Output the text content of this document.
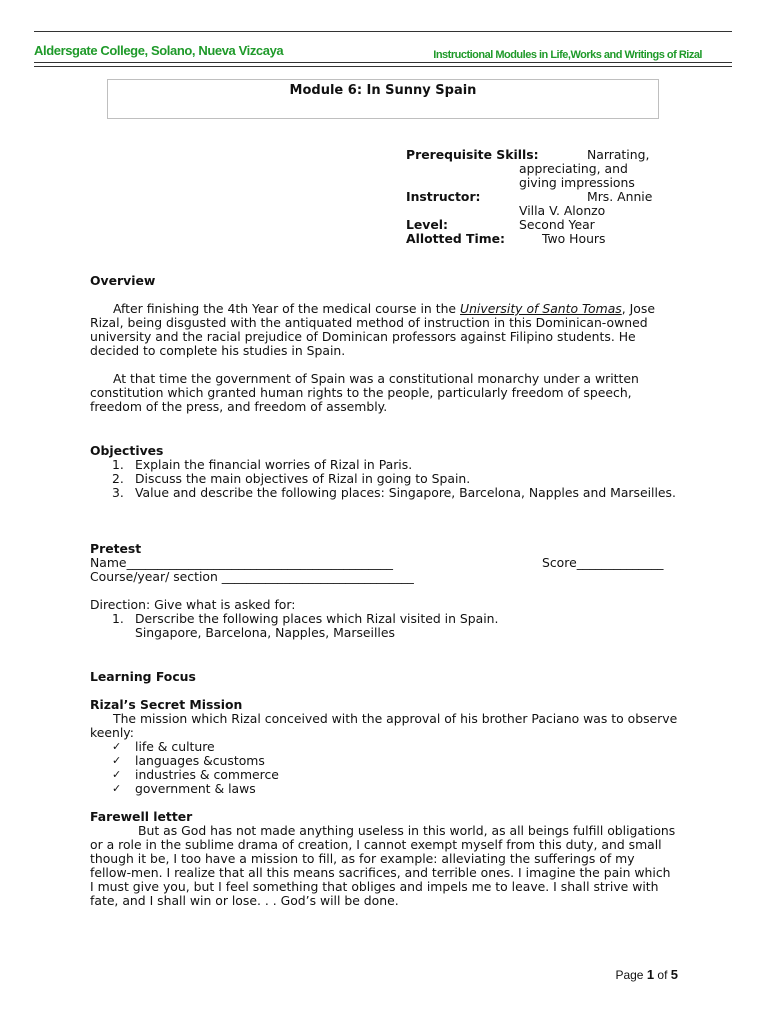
Aldersgate College, Solano, Nueva Vizcaya	Instructional Modules in Life,Works and Writings of Rizal
Module 6: In Sunny Spain
Prerequisite Skills:	Narrating,
appreciating, and
giving impressions
Instructor:	Mrs. Annie
Villa V. Alonzo
Level:	Second Year
Allotted Time:	Two Hours

Overview

After finishing the 4th Year of the medical course in the University of Santo Tomas, Jose Rizal, being disgusted with the antiquated method of instruction in this Dominican-owned university and the racial prejudice of Dominican professors against Filipino students. He decided to complete his studies in Spain.

At that time the government of Spain was a constitutional monarchy under a written constitution which granted human rights to the people, particularly freedom of speech, freedom of the press, and freedom of assembly.

Objectives

1. Explain the financial worries of Rizal in Paris.
2. Discuss the main objectives of Rizal in going to Spain.
3. Value and describe the following places: Singapore, Barcelona, Napples and Marseilles.

Pretest

Name___________________________________________	Score______________

Course/year/ section _______________________________

Direction: Give what is asked for:

1. Derscribe the following places which Rizal visited in Spain.
Singapore, Barcelona, Napples, Marseilles

Learning Focus

Rizal’s Secret Mission

The mission which Rizal conceived with the approval of his brother Paciano was to observe keenly:

✓ life & culture
✓ languages &customs
✓ industries & commerce
✓ government & laws

Farewell letter

But as God has not made anything useless in this world, as all beings fulfill obligations or a role in the sublime drama of creation, I cannot exempt myself from this duty, and small though it be, I too have a mission to fill, as for example: alleviating the sufferings of my fellow-men. I realize that all this means sacrifices, and terrible ones. I imagine the pain which I must give you, but I feel something that obliges and impels me to leave. I shall strive with fate, and I shall win or lose. . . God’s will be done.

Page 1 of 5
